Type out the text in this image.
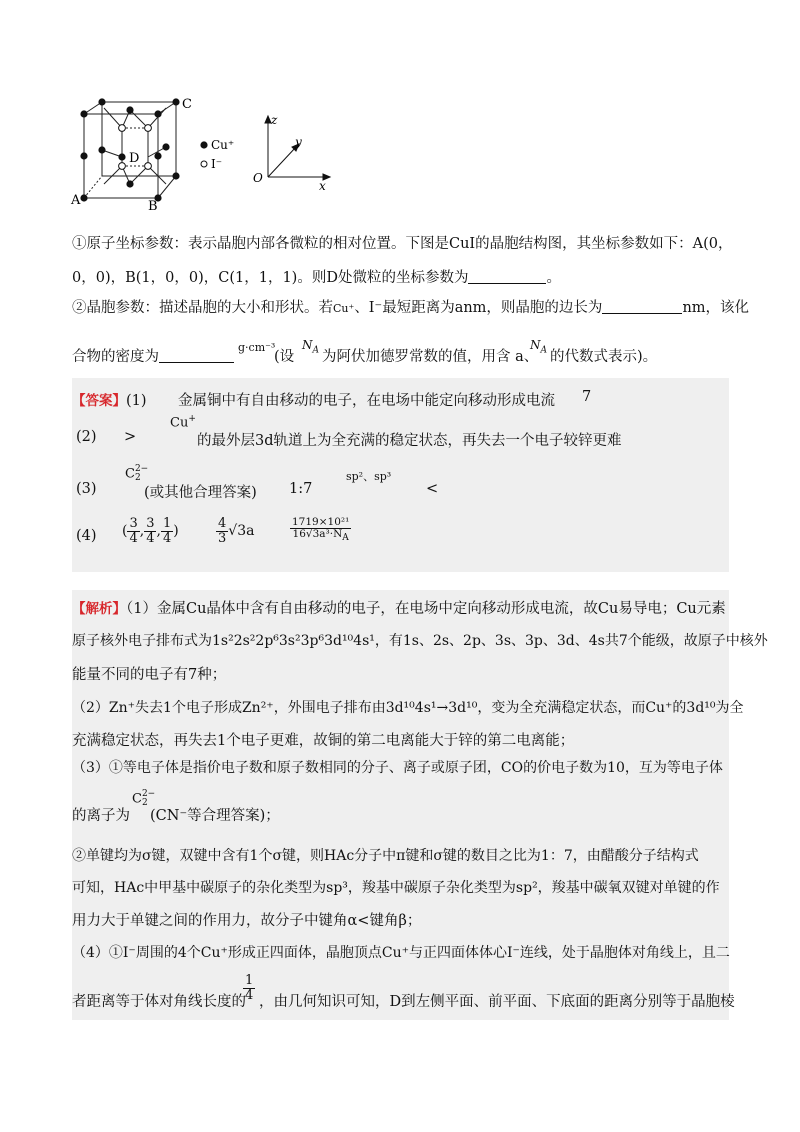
A	B
C
D
Cu⁺
I⁻
z
y
x
O
①原子坐标参数：表示晶胞内部各微粒的相对位置。下图是CuI的晶胞结构图，其坐标参数如下：A(0，
0，0)，B(1，0，0)，C(1，1，1)。则D处微粒的坐标参数为	。
②晶胞参数：描述晶胞的大小和形状。若Cu⁺、I⁻最短距离为anm，则晶胞的边长为	nm，该化
合物的密度为
g·cm⁻³
(设
$N_A$ 为阿伏加德罗常数的值，用含 a、
$N_A$ 的代数式表示)。
【答案】(1) 金属铜中有自由移动的电子，在电场中能定向移动形成电流 7
(2) >
Cu+
的最外层3d轨道上为全充满的稳定状态，再失去一个电子较锌更难
C 2−
2
(3)	(或其他合理答案) 1:7
sp²、sp³
<
(4) ( $\frac{3}{4}$ , $\frac{3}{4}$ , $\frac{1}{4}$ )	$\frac{4}{3} √3a$	$\frac{\text{1719×10²¹}}{\text{16√3a³·NA}}$
【解析】（1）金属Cu晶体中含有自由移动的电子，在电场中定向移动形成电流，故Cu易导电；Cu元素
原子核外电子排布式为1s²2s²2p⁶3s²3p⁶3d¹⁰4s¹，有1s、2s、2p、3s、3p、3d、4s共7个能级，故原子中核外
能量不同的电子有7种；
（2）Zn⁺失去1个电子形成Zn²⁺，外围电子排布由3d¹⁰4s¹→3d¹⁰，变为全充满稳定状态，而Cu⁺的3d¹⁰为全
充满稳定状态，再失去1个电子更难，故铜的第二电离能大于锌的第二电离能；
（3）①等电子体是指价电子数和原子数相同的分子、离子或原子团，CO的价电子数为10，互为等电子体
的离子为
C 2−
2
(CN⁻等合理答案)；
②单键均为σ键，双键中含有1个σ键，则HAc分子中π键和σ键的数目之比为1：7，由醋酸分子结构式
可知，HAc中甲基中碳原子的杂化类型为sp³，羧基中碳原子杂化类型为sp²，羧基中碳氧双键对单键的作
用力大于单键之间的作用力，故分子中键角α<键角β；
（4）①I⁻周围的4个Cu⁺形成正四面体，晶胞顶点Cu⁺与正四面体体心I⁻连线，处于晶胞体对角线上，且二
者距离等于体对角线长度的
$\frac{1}{4}$ ，由几何知识可知，D到左侧平面、前平面、下底面的距离分别等于晶胞棱
